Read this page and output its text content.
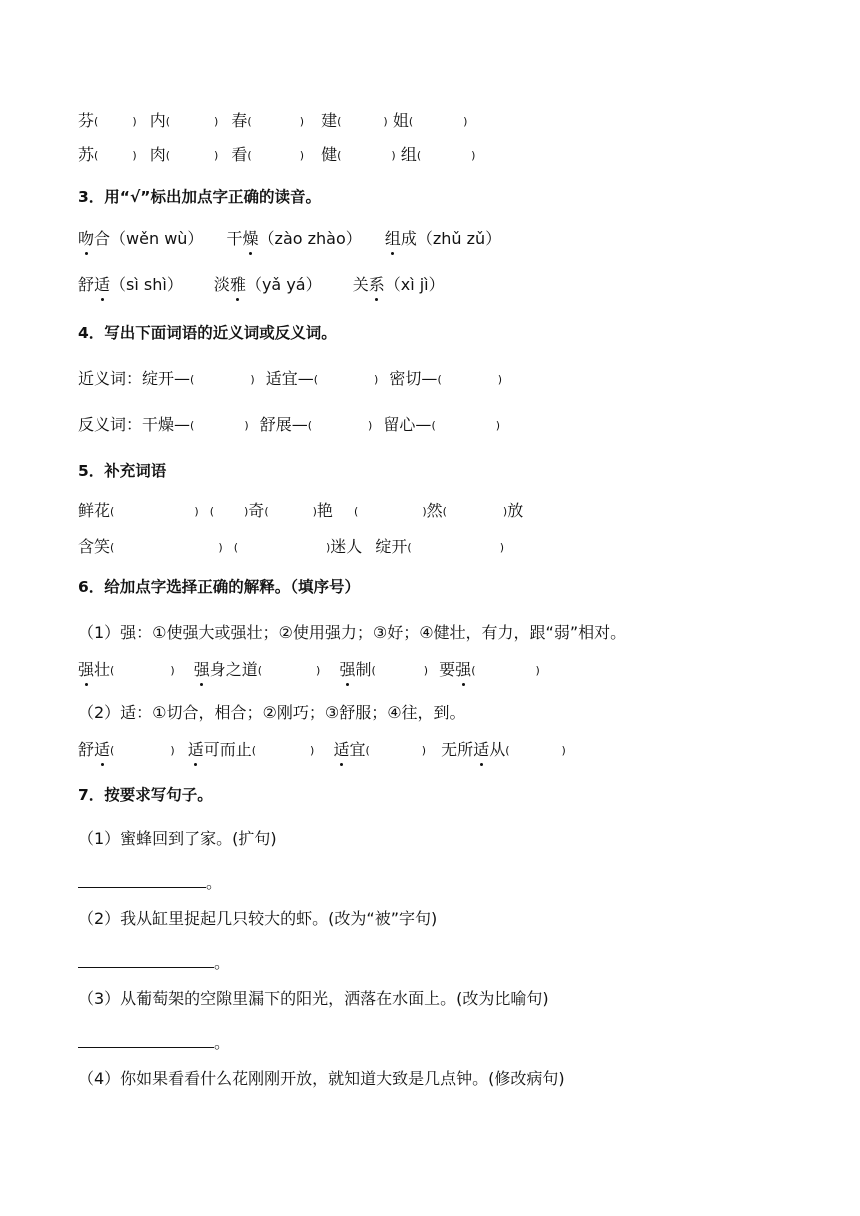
芬(	) 内(	) 春(	) 建(	) 姐(	)
苏(	) 肉(	) 看(	) 健(	) 组(	)
3．用“√”标出加点字正确的读音。
吻合（wěn wù） 干燥（zào zhào） 组成（zhǔ zǔ）
舒适（sì shì） 淡雅（yǎ yá） 关系（xì jì）
4．写出下面词语的近义词或反义词。
近义词：绽开—(	) 适宜—(	) 密切—(	)
反义词：干燥—(	) 舒展—(	) 留心—(	)
5．补充词语
鲜花(	) (	)奇(	)艳 (	)然(	)放
含笑(	) (	)迷人 绽开(	)
6．给加点字选择正确的解释。（填序号）
（1）强：①使强大或强壮；②使用强力；③好；④健壮，有力，跟“弱”相对。
强壮(	) 强身之道(	) 强制(	) 要强(	)
（2）适：①切合，相合；②刚巧；③舒服；④往，到。
舒适(	) 适可而止(	) 适宜(	) 无所适从(	)
7．按要求写句子。
（1）蜜蜂回到了家。(扩句)
。
（2）我从缸里捉起几只较大的虾。(改为“被”字句)
。
（3）从葡萄架的空隙里漏下的阳光，洒落在水面上。(改为比喻句)
。
（4）你如果看看什么花刚刚开放，就知道大致是几点钟。(修改病句)
